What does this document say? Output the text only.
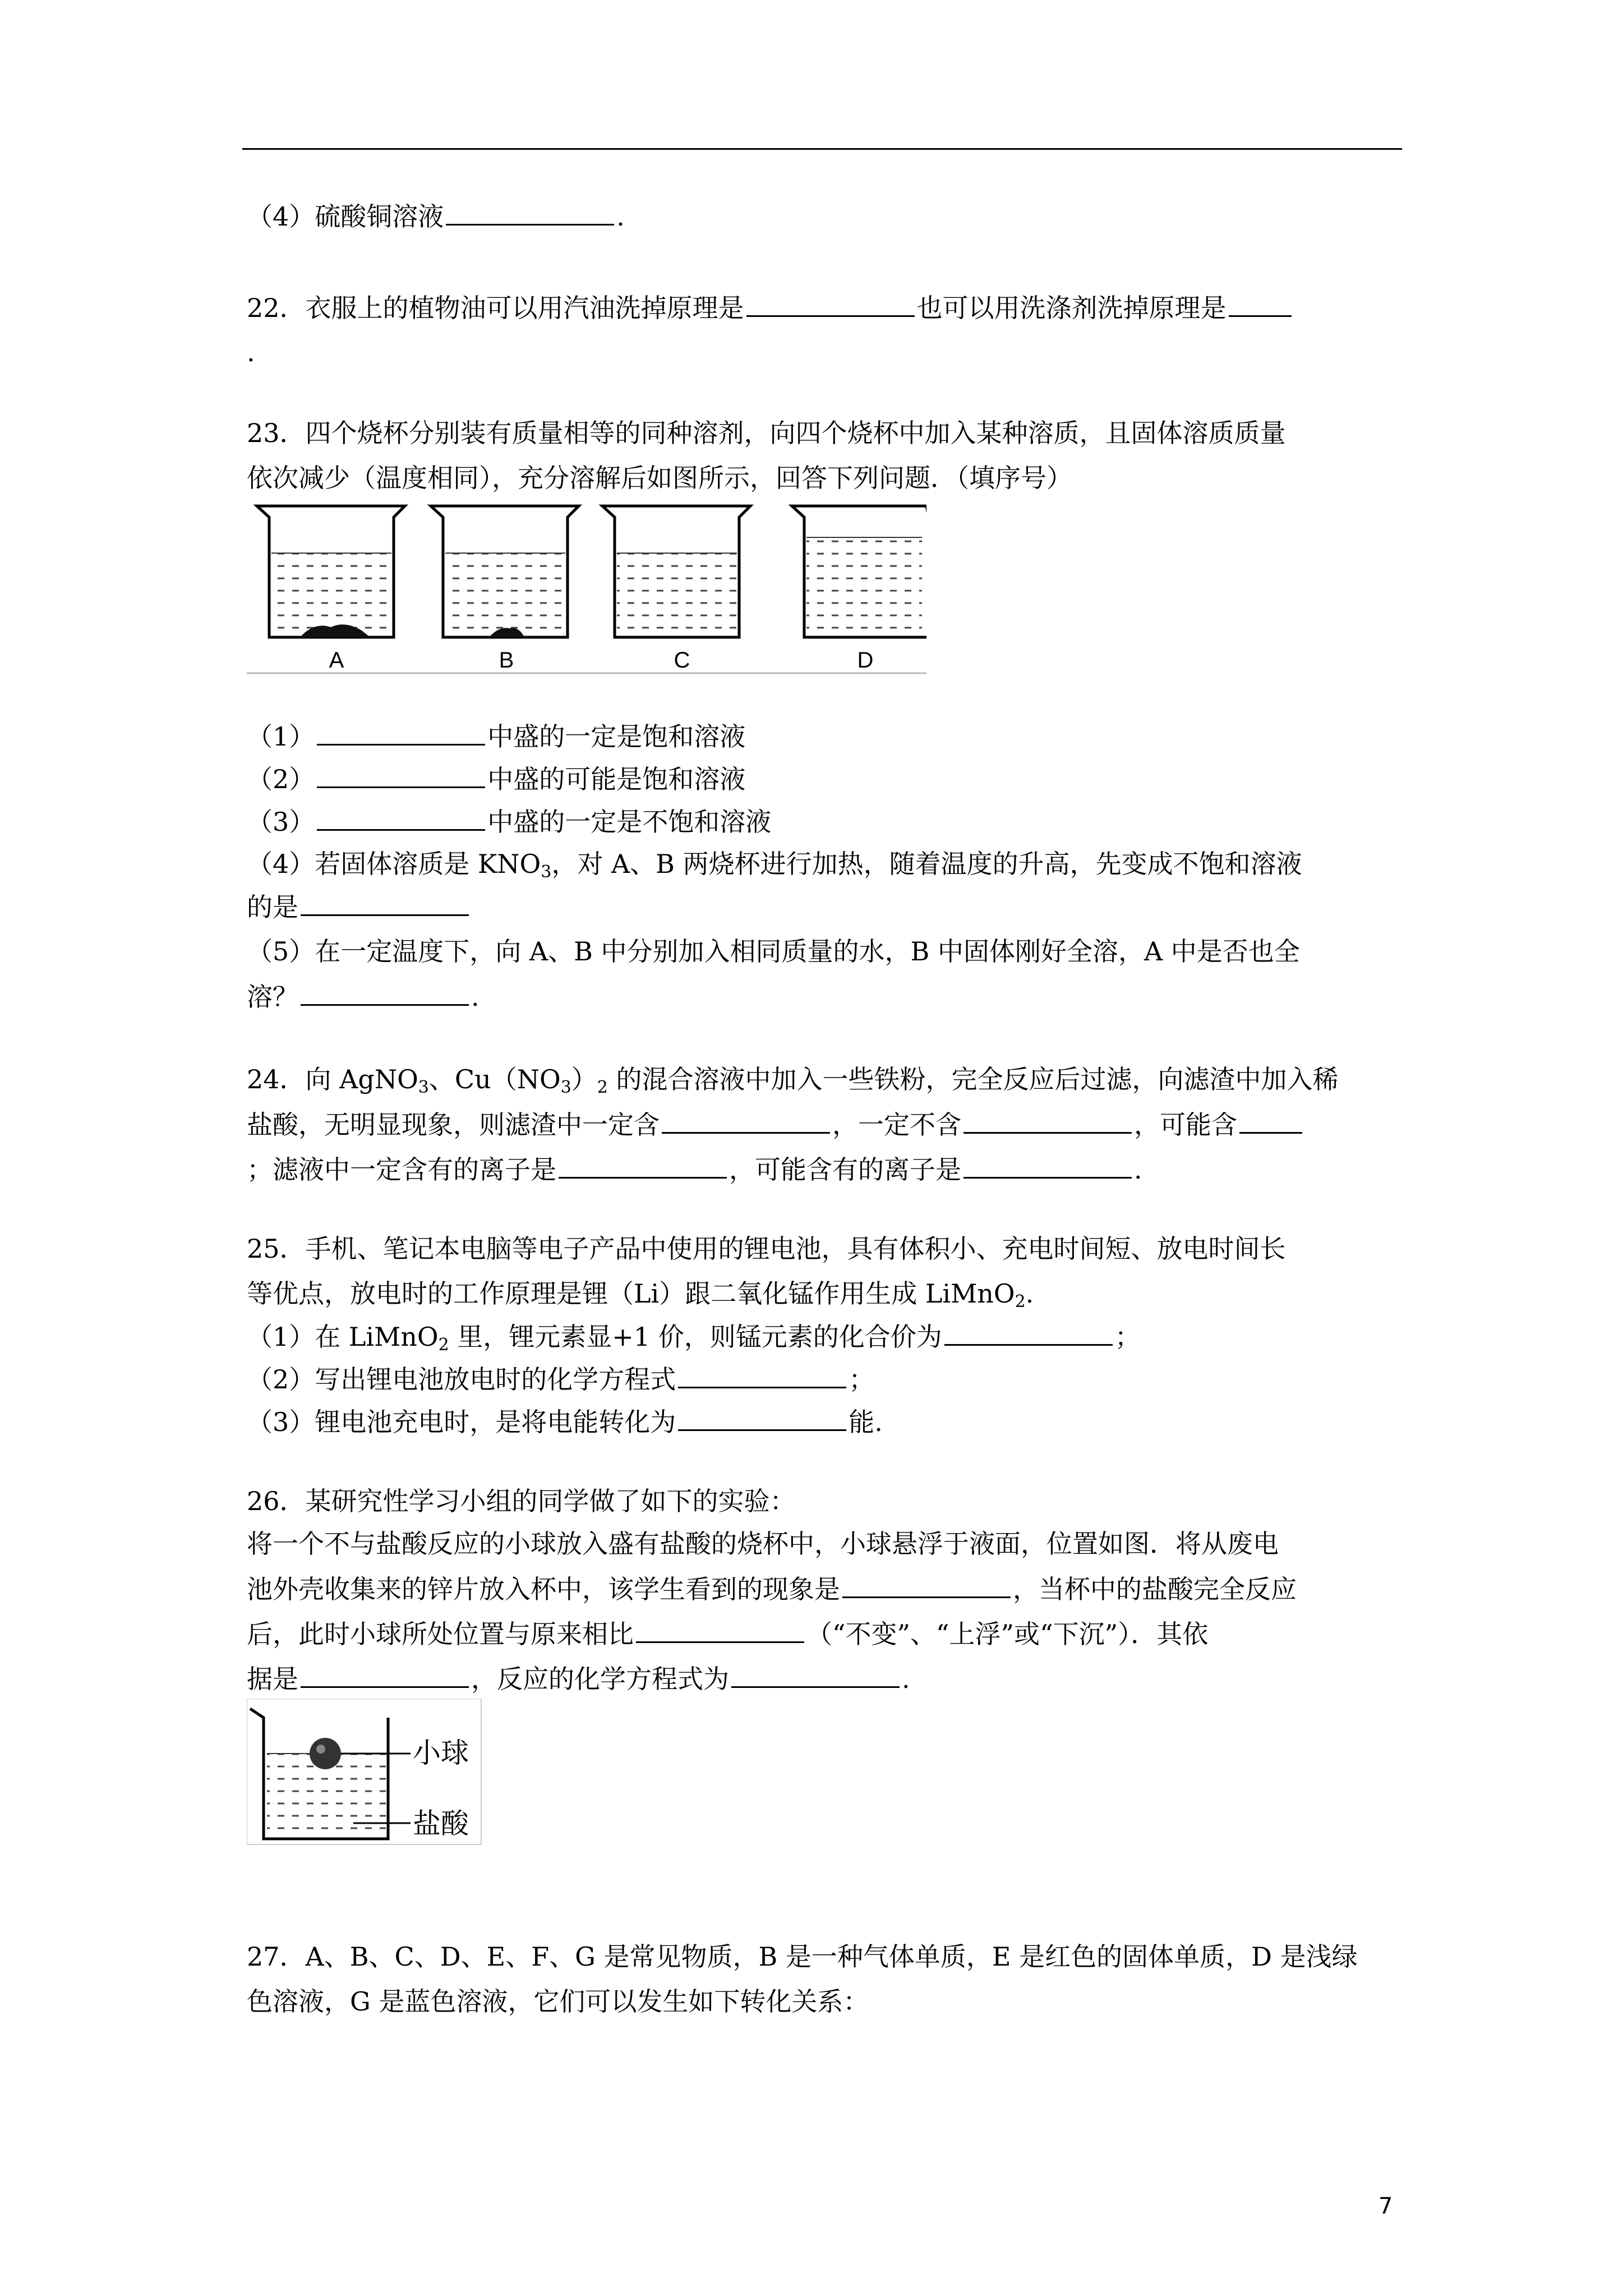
（4）硫酸铜溶液	.
22．衣服上的植物油可以用汽油洗掉原理是	也可以用洗涤剂洗掉原理是
.
23．四个烧杯分别装有质量相等的同种溶剂，向四个烧杯中加入某种溶质，且固体溶质质量
依次减少（温度相同），充分溶解后如图所示，回答下列问题．（填序号）
A	B	C	D
（1）	中盛的一定是饱和溶液
（2）	中盛的可能是饱和溶液
（3）	中盛的一定是不饱和溶液
（4）若固体溶质是 $KNO_3$，对 A、B 两烧杯进行加热，随着温度的升高，先变成不饱和溶液
的是
（5）在一定温度下，向 A、B 中分别加入相同质量的水，B 中固体刚好全溶，A 中是否也全
溶？	.
24．向 AgNO$_3$、$Cu(NO_3)_2$ 的混合溶液中加入一些铁粉，完全反应后过滤，向滤渣中加入稀
盐酸，无明显现象，则滤渣中一定含	，一定不含	，可能含
；滤液中一定含有的离子是	，可能含有的离子是	.
25．手机、笔记本电脑等电子产品中使用的锂电池，具有体积小、充电时间短、放电时间长
等优点，放电时的工作原理是锂（Li）跟二氧化锰作用生成 LiMnO$_2$.
（1）在 LiMnO$_2$ 里，锂元素显+1 价，则锰元素的化合价为	；
（2）写出锂电池放电时的化学方程式	；
（3）锂电池充电时，是将电能转化为	能.
26．某研究性学习小组的同学做了如下的实验：
将一个不与盐酸反应的小球放入盛有盐酸的烧杯中，小球悬浮于液面，位置如图．将从废电
池外壳收集来的锌片放入杯中，该学生看到的现象是	，当杯中的盐酸完全反应
后，此时小球所处位置与原来相比	（“不变”、“上浮”或“下沉”）．其依
据是	，反应的化学方程式为	.
小球
盐酸
27．A、B、C、D、E、F、G 是常见物质，B 是一种气体单质，E 是红色的固体单质，D 是浅绿
色溶液，G 是蓝色溶液，它们可以发生如下转化关系：
7
